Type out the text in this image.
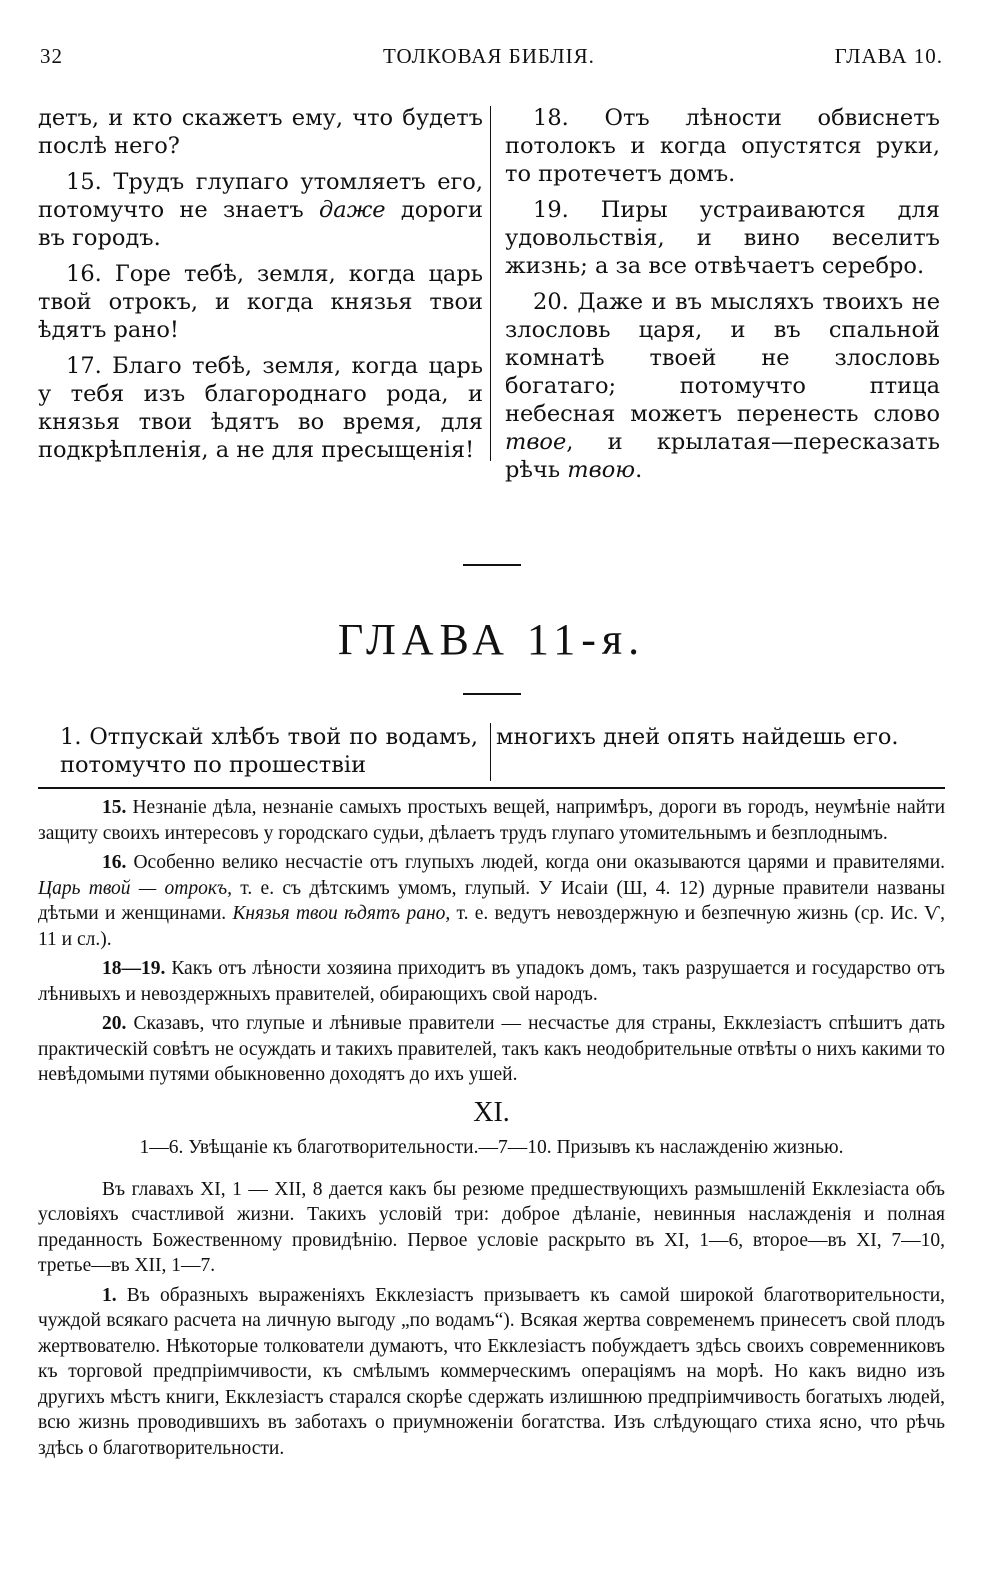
32	ТОЛКОВАЯ БИБЛІЯ.	ГЛАВА 10.

детъ, и кто скажетъ ему, что будетъ послѣ него?

15. Трудъ глупаго утомляетъ его, потомучто не знаетъ даже дороги въ городъ.

16. Горе тебѣ, земля, когда царь твой отрокъ, и когда князья твои ѣдятъ рано!

17. Благо тебѣ, земля, когда царь у тебя изъ благороднаго рода, и князья твои ѣдятъ во время, для подкрѣпленія, а не для пресыщенія!

18. Отъ лѣности обвиснетъ потолокъ и когда опустятся руки, то протечетъ домъ.

19. Пиры устраиваются для удовольствія, и вино веселитъ жизнь; а за все отвѣчаетъ серебро.

20. Даже и въ мысляхъ твоихъ не злословь царя, и въ спальной комнатѣ твоей не злословь богатаго; потомучто птица небесная можетъ перенесть слово твое, и крылатая—пересказать рѣчь твою.

ГЛАВА 11-я.
1. Отпускай хлѣбъ твой по водамъ, потомучто по прошествіи
многихъ дней опять найдешь его.

15. Незнаніе дѣла, незнаніе самыхъ простыхъ вещей, напримѣръ, дороги въ городъ, неумѣніе найти защиту своихъ интересовъ у городскаго судьи, дѣлаетъ трудъ глупаго утомительнымъ и безплоднымъ.

16. Особенно велико несчастіе отъ глупыхъ людей, когда они оказываются царями и правителями. Царь твой — отрокъ, т. е. съ дѣтскимъ умомъ, глупый. У Исаіи (Ш, 4. 12) дурные правители названы дѣтьми и женщинами. Князья твои ѣдятъ рано, т. е. ведутъ невоздержную и безпечную жизнь (ср. Ис. Ѵ, 11 и сл.).

18—19. Какъ отъ лѣности хозяина приходитъ въ упадокъ домъ, такъ разрушается и государство отъ лѣнивыхъ и невоздержныхъ правителей, обирающихъ свой народъ.

20. Сказавъ, что глупые и лѣнивые правители — несчастье для страны, Екклезіастъ спѣшитъ дать практическій совѣтъ не осуждать и такихъ правителей, такъ какъ неодобрительные отвѣты о нихъ какими то невѣдомыми путями обыкновенно доходятъ до ихъ ушей.

XI.
1—6. Увѣщаніе къ благотворительности.—7—10. Призывъ къ наслажденію жизнью.

Въ главахъ XI, 1 — XII, 8 дается какъ бы резюме предшествующихъ размышленій Екклезіаста объ условіяхъ счастливой жизни. Такихъ условій три: доброе дѣланіе, невинныя наслажденія и полная преданность Божественному провидѣнію. Первое условіе раскрыто въ XI, 1—6, второе—въ XI, 7—10, третье—въ XII, 1—7.

1. Въ образныхъ выраженіяхъ Екклезіастъ призываетъ къ самой широкой благотворительности, чуждой всякаго расчета на личную выгоду „по водамъ“). Всякая жертва современемъ принесетъ свой плодъ жертвователю. Нѣкоторые толкователи думаютъ, что Екклезіастъ побуждаетъ здѣсь своихъ современниковъ къ торговой предпріимчивости, къ смѣлымъ коммерческимъ операціямъ на морѣ. Но какъ видно изъ другихъ мѣстъ книги, Екклезіастъ старался скорѣе сдержать излишнюю предпріимчивость богатыхъ людей, всю жизнь проводившихъ въ заботахъ о приумноженіи богатства. Изъ слѣдующаго стиха ясно, что рѣчь здѣсь о благотворительности.
